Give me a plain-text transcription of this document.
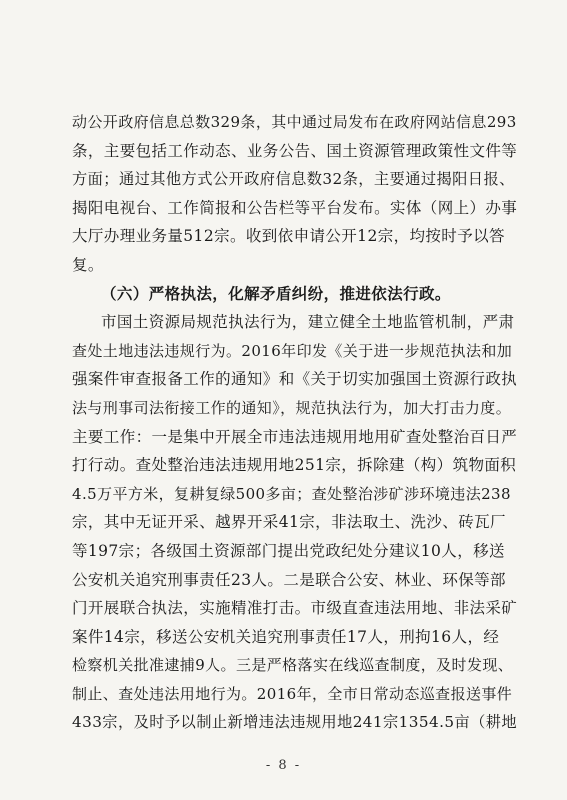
动公开政府信息总数329条，其中通过局发布在政府网站信息293
条，主要包括工作动态、业务公告、国土资源管理政策性文件等
方面；通过其他方式公开政府信息数32条，主要通过揭阳日报、
揭阳电视台、工作简报和公告栏等平台发布。实体（网上）办事
大厅办理业务量512宗。收到依申请公开12宗，均按时予以答
复。
（六）严格执法，化解矛盾纠纷，推进依法行政。
市国土资源局规范执法行为，建立健全土地监管机制，严肃
查处土地违法违规行为。2016年印发《关于进一步规范执法和加
强案件审查报备工作的通知》和《关于切实加强国土资源行政执
法与刑事司法衔接工作的通知》，规范执法行为，加大打击力度。
主要工作：一是集中开展全市违法违规用地用矿查处整治百日严
打行动。查处整治违法违规用地251宗，拆除建（构）筑物面积
4.5万平方米，复耕复绿500多亩；查处整治涉矿涉环境违法238
宗，其中无证开采、越界开采41宗，非法取土、洗沙、砖瓦厂
等197宗；各级国土资源部门提出党政纪处分建议10人，移送
公安机关追究刑事责任23人。二是联合公安、林业、环保等部
门开展联合执法，实施精准打击。市级直查违法用地、非法采矿
案件14宗，移送公安机关追究刑事责任17人，刑拘16人，经
检察机关批准逮捕9人。三是严格落实在线巡查制度，及时发现、
制止、查处违法用地行为。2016年，全市日常动态巡查报送事件
433宗，及时予以制止新增违法违规用地241宗1354.5亩（耕地
- 8 -
